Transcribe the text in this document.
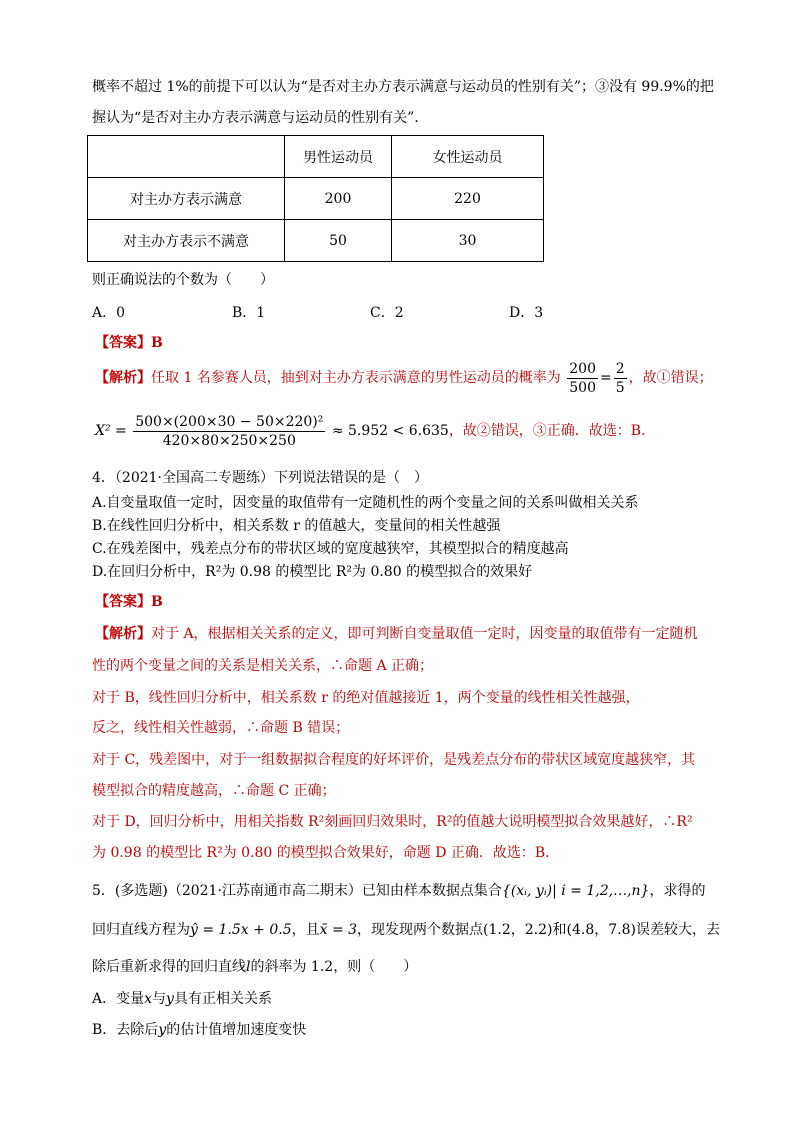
概率不超过 1%的前提下可以认为“是否对主办方表示满意与运动员的性别有关”；③没有 99.9%的把
握认为“是否对主办方表示满意与运动员的性别有关”．
	男性运动员	女性运动员
对主办方表示满意	200	220
对主办方表示不满意	50	30
则正确说法的个数为（　　）
A．0	B．1	C．2	D．3
【答案】B
【解析】任取 1 名参赛人员，抽到对主办方表示满意的男性运动员的概率为 $\frac{200}{500} = \frac{2}{5}$ ，故①错误；
$X^2 = \frac{\text{500×(200×30 − 50×220)²}}{420\times 80\times 250\times 250} \approx 5.952 < 6.635$，故②错误，③正确．故选：B．
4．（2021·全国高二专题练）下列说法错误的是（　）
A.自变量取值一定时，因变量的取值带有一定随机性的两个变量之间的关系叫做相关关系
B.在线性回归分析中，相关系数 r 的值越大，变量间的相关性越强
C.在残差图中，残差点分布的带状区域的宽度越狭窄，其模型拟合的精度越高
D.在回归分析中，R²为 0.98 的模型比 R²为 0.80 的模型拟合的效果好
【答案】B
【解析】对于 A，根据相关关系的定义，即可判断自变量取值一定时，因变量的取值带有一定随机
性的两个变量之间的关系是相关关系，∴命题 A 正确；
对于 B，线性回归分析中，相关系数 r 的绝对值越接近 1，两个变量的线性相关性越强，
反之，线性相关性越弱，∴命题 B 错误；
对于 C，残差图中，对于一组数据拟合程度的好坏评价，是残差点分布的带状区域宽度越狭窄，其
模型拟合的精度越高，∴命题 C 正确；
对于 D，回归分析中，用相关指数 R²刻画回归效果时，R²的值越大说明模型拟合效果越好，∴R²
为 0.98 的模型比 R²为 0.80 的模型拟合效果好，命题 D 正确．故选：B．
5．(多选题)（2021·江苏南通市高二期末）已知由样本数据点集合{(xᵢ, yᵢ)| i = 1,2,…,n}，求得的
回归直线方程为ŷ = 1.5x + 0.5，且x̄ = 3，现发现两个数据点(1.2，2.2)和(4.8，7.8)误差较大，去
除后重新求得的回归直线l的斜率为 1.2，则（　　）
A．变量x与y具有正相关关系
B．去除后y的估计值增加速度变快
